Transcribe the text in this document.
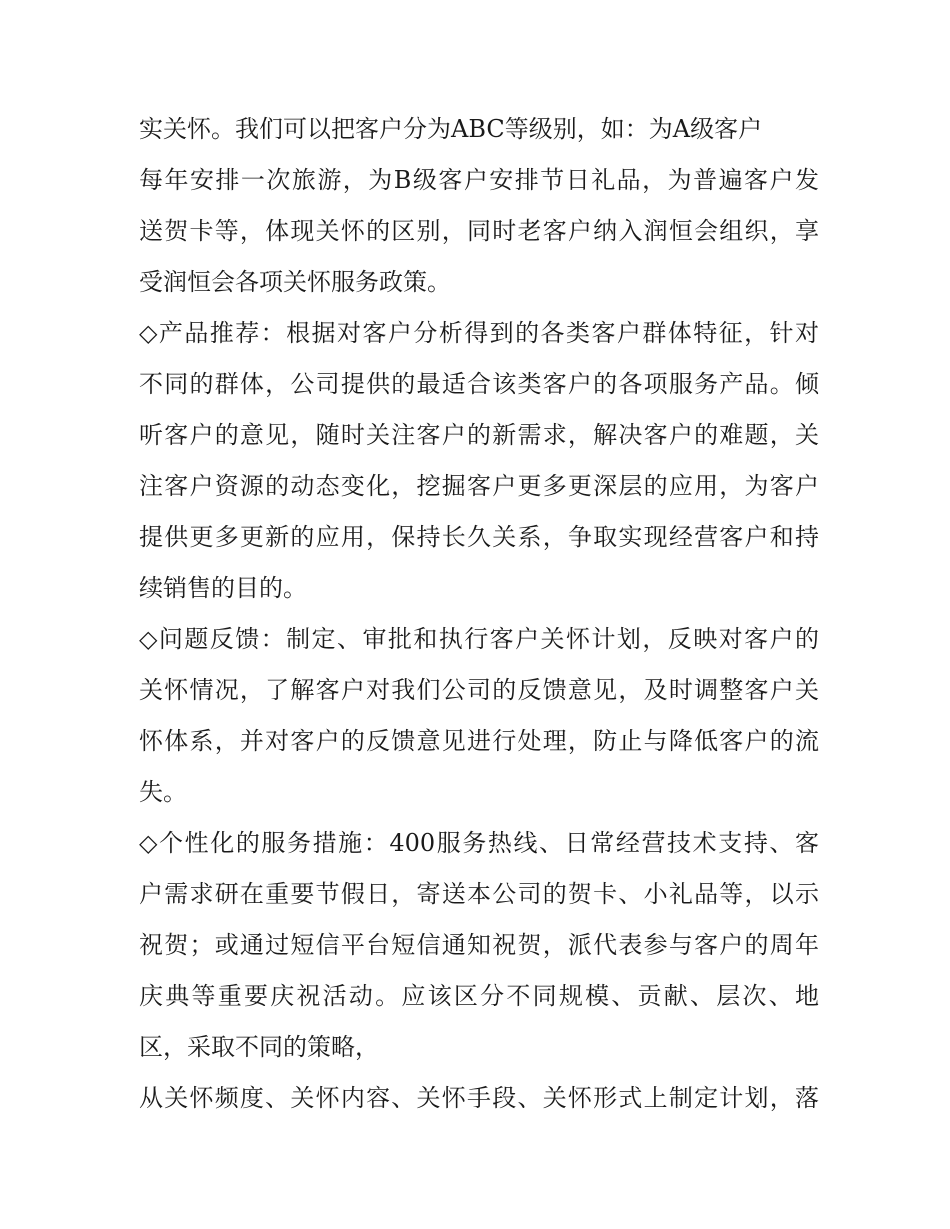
实关怀。我们可以把客户分为ABC等级别，如：为A级客户
每年安排一次旅游，为B级客户安排节日礼品，为普遍客户发
送贺卡等，体现关怀的区别，同时老客户纳入润恒会组织，享
受润恒会各项关怀服务政策。
◇产品推荐：根据对客户分析得到的各类客户群体特征，针对
不同的群体，公司提供的最适合该类客户的各项服务产品。倾
听客户的意见，随时关注客户的新需求，解决客户的难题，关
注客户资源的动态变化，挖掘客户更多更深层的应用，为客户
提供更多更新的应用，保持长久关系，争取实现经营客户和持
续销售的目的。
◇问题反馈：制定、审批和执行客户关怀计划，反映对客户的
关怀情况，了解客户对我们公司的反馈意见，及时调整客户关
怀体系，并对客户的反馈意见进行处理，防止与降低客户的流
失。
◇个性化的服务措施：400服务热线、日常经营技术支持、客
户需求研在重要节假日，寄送本公司的贺卡、小礼品等，以示
祝贺；或通过短信平台短信通知祝贺，派代表参与客户的周年
庆典等重要庆祝活动。应该区分不同规模、贡献、层次、地
区，采取不同的策略，
从关怀频度、关怀内容、关怀手段、关怀形式上制定计划，落
